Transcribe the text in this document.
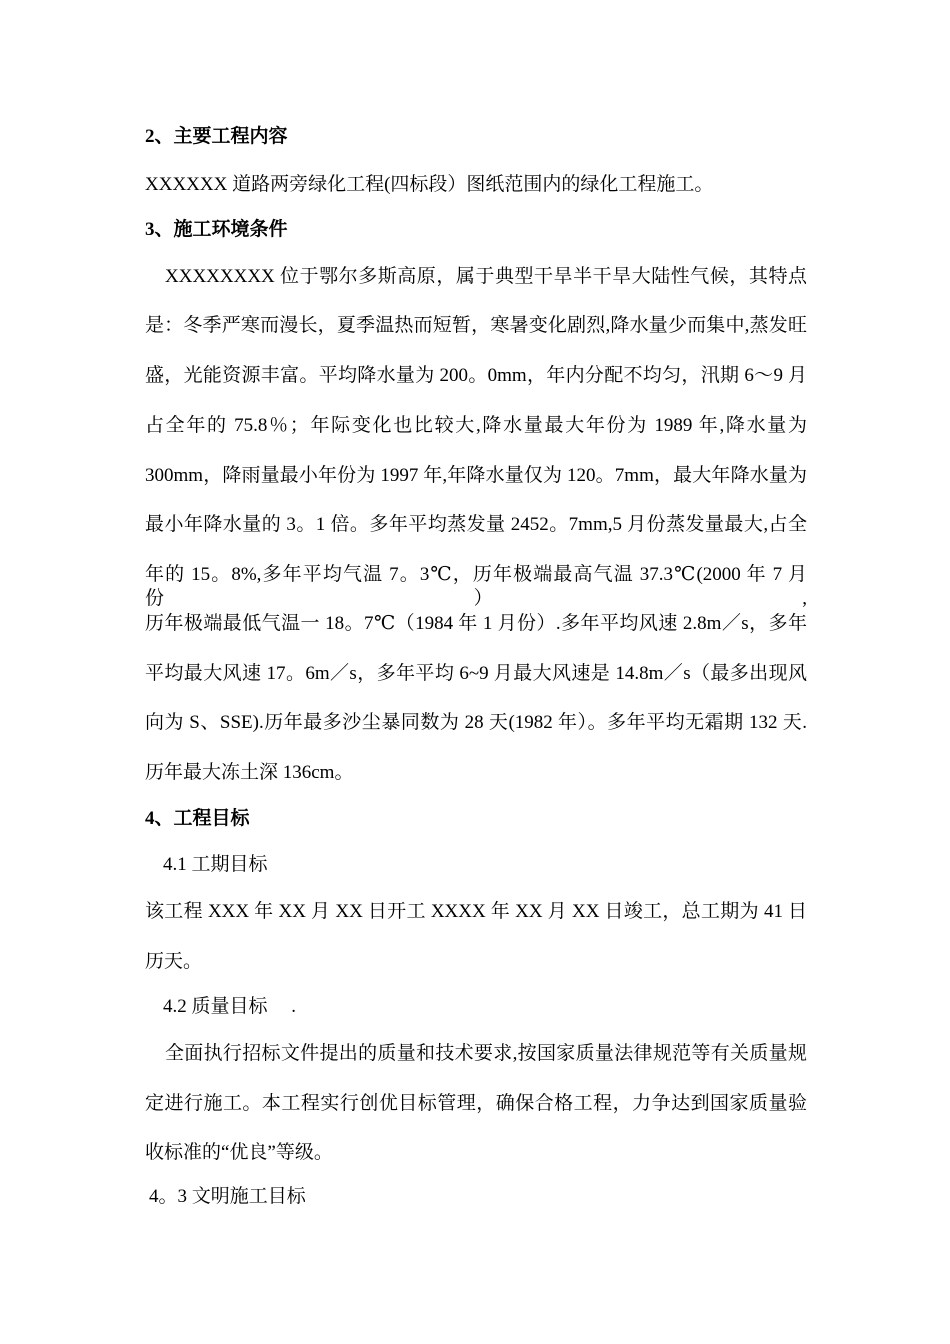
2、主要工程内容
XXXXXX 道路两旁绿化工程(四标段）图纸范围内的绿化工程施工。
3、施工环境条件
XXXXXXXX 位于鄂尔多斯高原，属于典型干旱半干旱大陆性气候，其特点
是：冬季严寒而漫长，夏季温热而短暂，寒暑变化剧烈,降水量少而集中,蒸发旺
盛，光能资源丰富。平均降水量为 200。0mm，年内分配不均匀，汛期 6～9 月
占全年的 75.8％；年际变化也比较大,降水量最大年份为 1989 年,降水量为
300mm，降雨量最小年份为 1997 年,年降水量仅为 120。7mm，最大年降水量为
最小年降水量的 3。1 倍。多年平均蒸发量 2452。7mm,5 月份蒸发量最大,占全
年的 15。8%,多年平均气温 7。3℃，历年极端最高气温 37.3℃(2000 年 7 月份）,
历年极端最低气温一 18。7℃（1984 年 1 月份）.多年平均风速 2.8m／s，多年
平均最大风速 17。6m／s，多年平均 6~9 月最大风速是 14.8m／s（最多出现风
向为 S、SSE).历年最多沙尘暴同数为 28 天(1982 年）。多年平均无霜期 132 天.
历年最大冻土深 136cm。
4、工程目标
4.1 工期目标
该工程 XXX 年 XX 月 XX 日开工 XXXX 年 XX 月 XX 日竣工，总工期为 41 日
历天。
4.2 质量目标　 .
全面执行招标文件提出的质量和技术要求,按国家质量法律规范等有关质量规
定进行施工。本工程实行创优目标管理，确保合格工程，力争达到国家质量验
收标准的“优良”等级。
4。3 文明施工目标
